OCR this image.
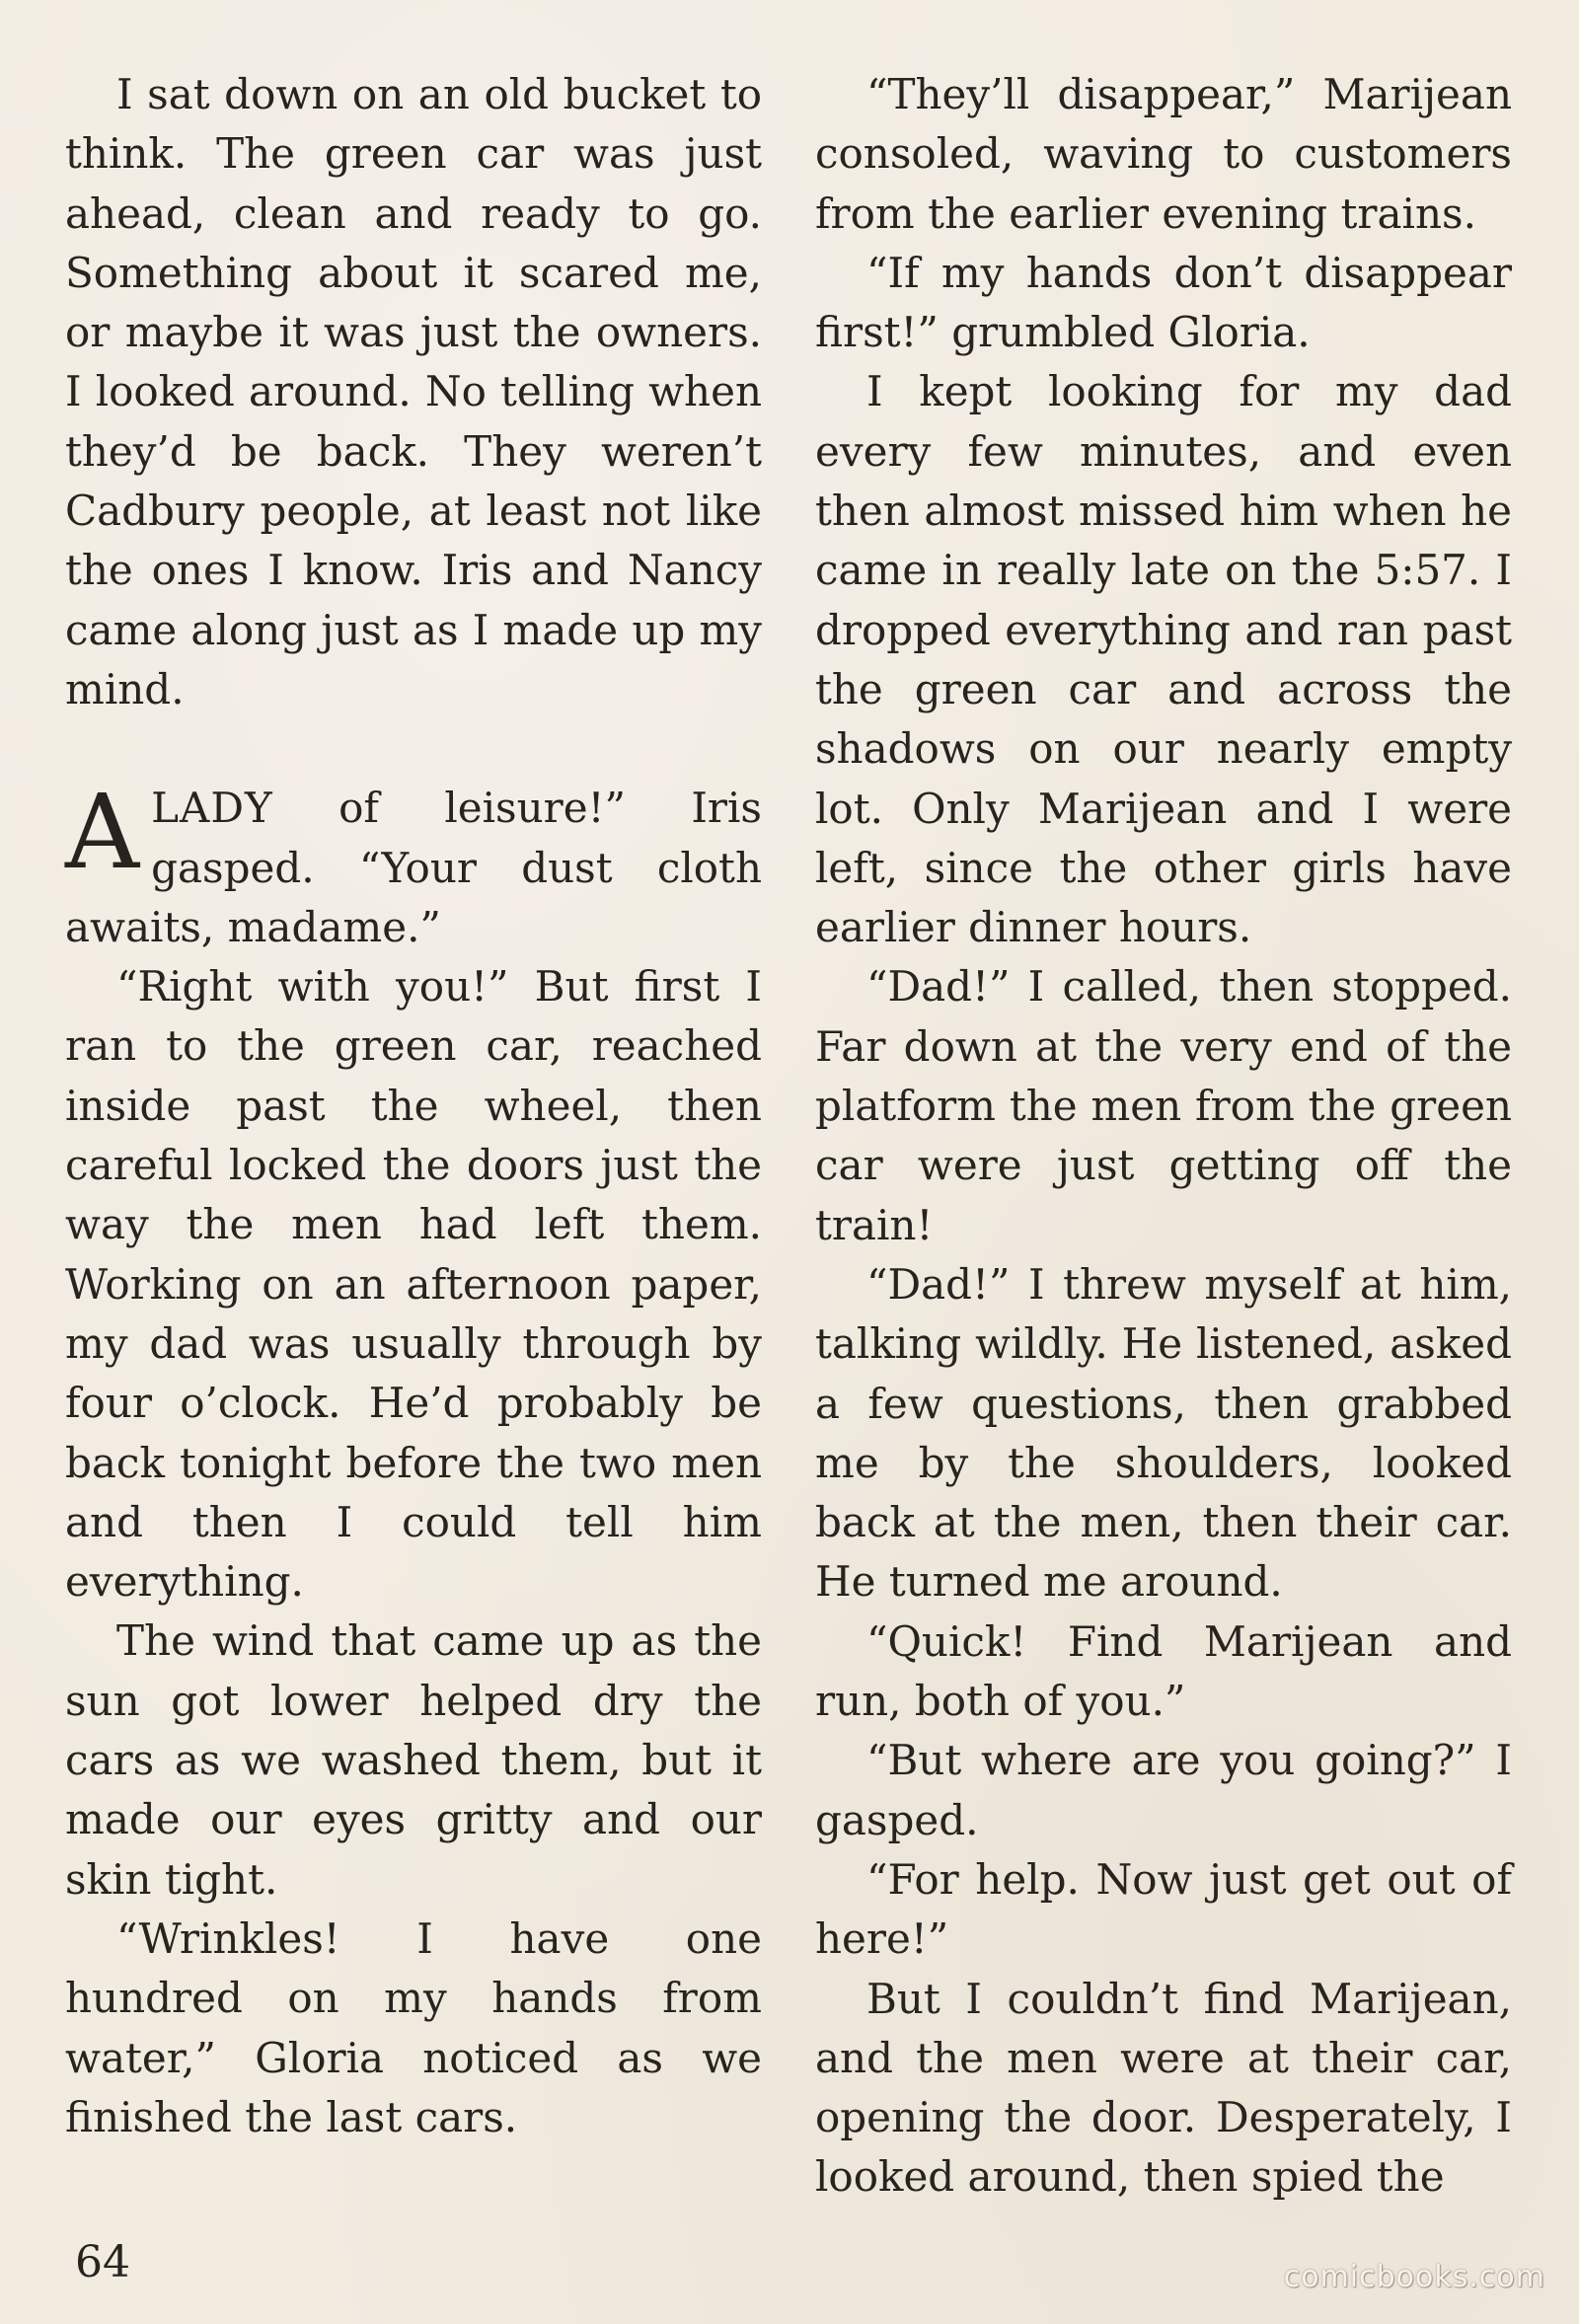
I sat down on an old bucket to think. The green car was just ahead, clean and ready to go. Something about it scared me, or maybe it was just the owners. I looked around. No telling when they’d be back. They weren’t Cadbury people, at least not like the ones I know. Iris and Nancy came along just as I made up my mind.

ALADY of leisure!” Iris gasped. “Your dust cloth awaits, madame.”

“Right with you!” But first I ran to the green car, reached inside past the wheel, then careful locked the doors just the way the men had left them. Working on an afternoon paper, my dad was usually through by four o’clock. He’d probably be back tonight before the two men and then I could tell him everything.

The wind that came up as the sun got lower helped dry the cars as we washed them, but it made our eyes gritty and our skin tight.

“Wrinkles! I have one hundred on my hands from water,” Gloria noticed as we finished the last cars.

“They’ll disappear,” Marijean consoled, waving to customers from the earlier evening trains.

“If my hands don’t disappear first!” grumbled Gloria.

I kept looking for my dad every few minutes, and even then almost missed him when he came in really late on the 5:57. I dropped everything and ran past the green car and across the shadows on our nearly empty lot. Only Marijean and I were left, since the other girls have earlier dinner hours.

“Dad!” I called, then stopped. Far down at the very end of the platform the men from the green car were just getting off the train!

“Dad!” I threw myself at him, talking wildly. He listened, asked a few questions, then grabbed me by the shoulders, looked back at the men, then their car. He turned me around.

“Quick! Find Marijean and run, both of you.”

“But where are you going?” I gasped.

“For help. Now just get out of here!”

But I couldn’t find Marijean, and the men were at their car, opening the door. Desperately, I looked around, then spied the

64	comicbooks.com
